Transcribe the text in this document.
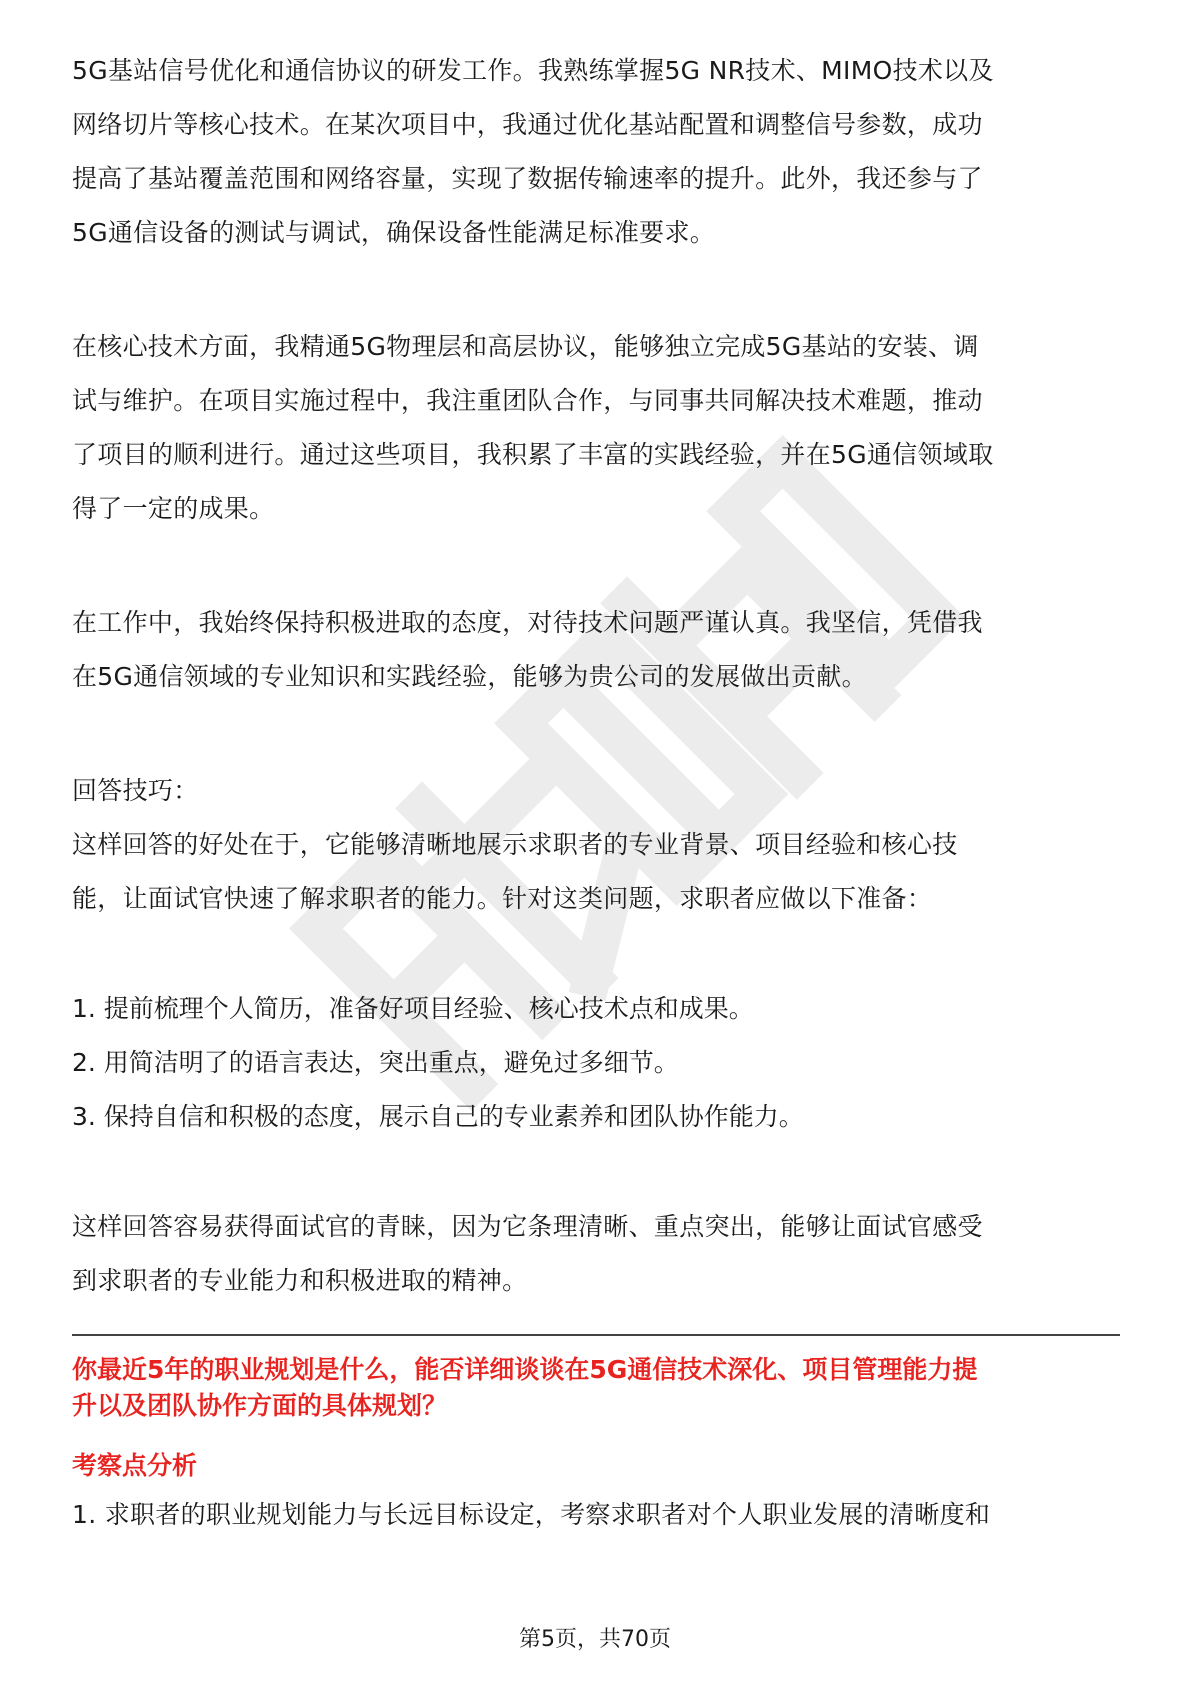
5G基站信号优化和通信协议的研发工作。我熟练掌握5G NR技术、MIMO技术以及

网络切片等核心技术。在某次项目中，我通过优化基站配置和调整信号参数，成功

提高了基站覆盖范围和网络容量，实现了数据传输速率的提升。此外，我还参与了

5G通信设备的测试与调试，确保设备性能满足标准要求。

在核心技术方面，我精通5G物理层和高层协议，能够独立完成5G基站的安装、调

试与维护。在项目实施过程中，我注重团队合作，与同事共同解决技术难题，推动

了项目的顺利进行。通过这些项目，我积累了丰富的实践经验，并在5G通信领域取

得了一定的成果。

在工作中，我始终保持积极进取的态度，对待技术问题严谨认真。我坚信，凭借我

在5G通信领域的专业知识和实践经验，能够为贵公司的发展做出贡献。

回答技巧：

这样回答的好处在于，它能够清晰地展示求职者的专业背景、项目经验和核心技

能，让面试官快速了解求职者的能力。针对这类问题，求职者应做以下准备：

1. 提前梳理个人简历，准备好项目经验、核心技术点和成果。

2. 用简洁明了的语言表达，突出重点，避免过多细节。

3. 保持自信和积极的态度，展示自己的专业素养和团队协作能力。

这样回答容易获得面试官的青睐，因为它条理清晰、重点突出，能够让面试官感受

到求职者的专业能力和积极进取的精神。

你最近5年的职业规划是什么，能否详细谈谈在5G通信技术深化、项目管理能力提

升以及团队协作方面的具体规划？

考察点分析

1. 求职者的职业规划能力与长远目标设定，考察求职者对个人职业发展的清晰度和

第5页，共70页
